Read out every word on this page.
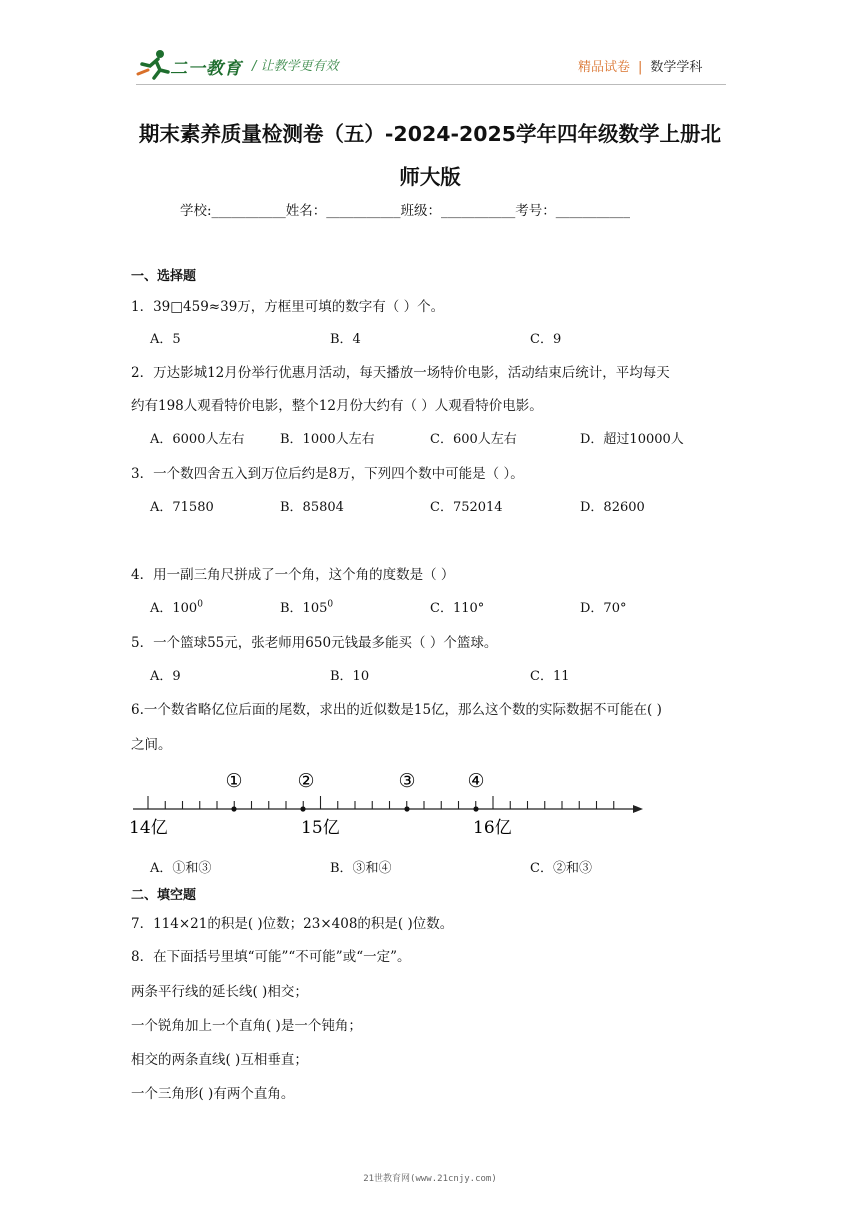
二一教育 / 让教学更有效	精品试卷 | 数学学科
期末素养质量检测卷（五）-2024-2025学年四年级数学上册北
师大版
学校:___________姓名：___________班级：___________考号：___________
一、选择题
1．39□459≈39万，方框里可填的数字有（ ）个。
A．5	B．4	C．9
2．万达影城12月份举行优惠月活动，每天播放一场特价电影，活动结束后统计，平均每天
约有198人观看特价电影，整个12月份大约有（ ）人观看特价电影。
A．6000人左右	B．1000人左右	C．600人左右	D．超过10000人
3．一个数四舍五入到万位后约是8万，下列四个数中可能是（ ）。
A．71580	B．85804	C．752014	D．82600
4．用一副三角尺拼成了一个角，这个角的度数是（ ）
A．$100^0$	B．$105^0$	C．110°	D．70°
5．一个篮球55元，张老师用650元钱最多能买（ ）个篮球。
A．9	B．10	C．11
6.一个数省略亿位后面的尾数，求出的近似数是15亿，那么这个数的实际数据不可能在( )
之间。
①	②	③	④
14亿	15亿	16亿
A．①和③	B．③和④	C．②和③
二、填空题
7．114×21的积是( )位数；23×408的积是( )位数。
8．在下面括号里填“可能”“不可能”或“一定”。
两条平行线的延长线( )相交；
一个锐角加上一个直角( )是一个钝角；
相交的两条直线( )互相垂直；
一个三角形( )有两个直角。
21世教育网(www.21cnjy.com)
